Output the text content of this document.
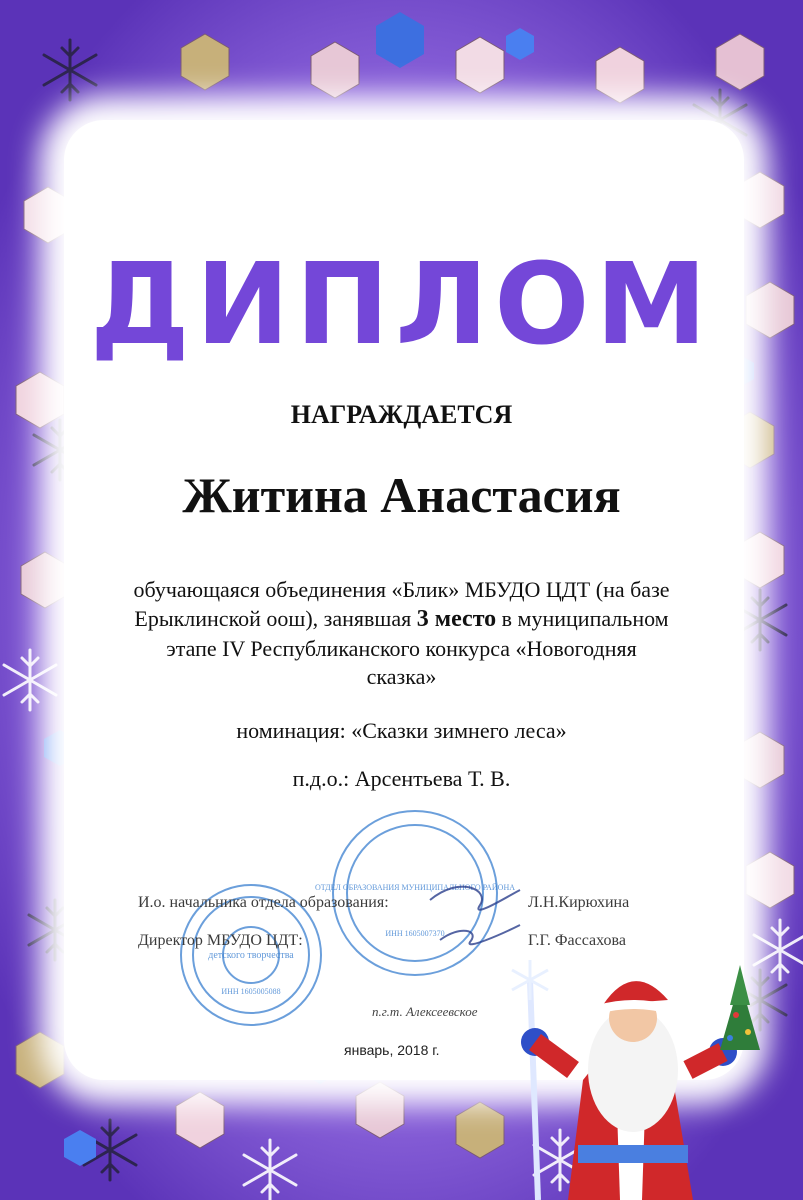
ДИПЛОМ
НАГРАЖДАЕТСЯ
Житина Анастасия
обучающаяся объединения «Блик» МБУДО ЦДТ (на базе Ерыклинской оош), занявшая 3 место в муниципальном этапе IV Республиканского конкурса «Новогодняя сказка»
номинация: «Сказки зимнего леса»
п.д.о.: Арсентьева Т. В.
детского творчества
ИНН 1605005088
ОТДЕЛ ОБРАЗОВАНИЯ МУНИЦИПАЛЬНОГО РАЙОНА
ИНН 1605007370
И.о. начальника отдела образования:	Л.Н.Кирюхина
Директор МБУДО ЦДТ:	Г.Г. Фассахова
п.г.т. Алексеевское
январь, 2018 г.
